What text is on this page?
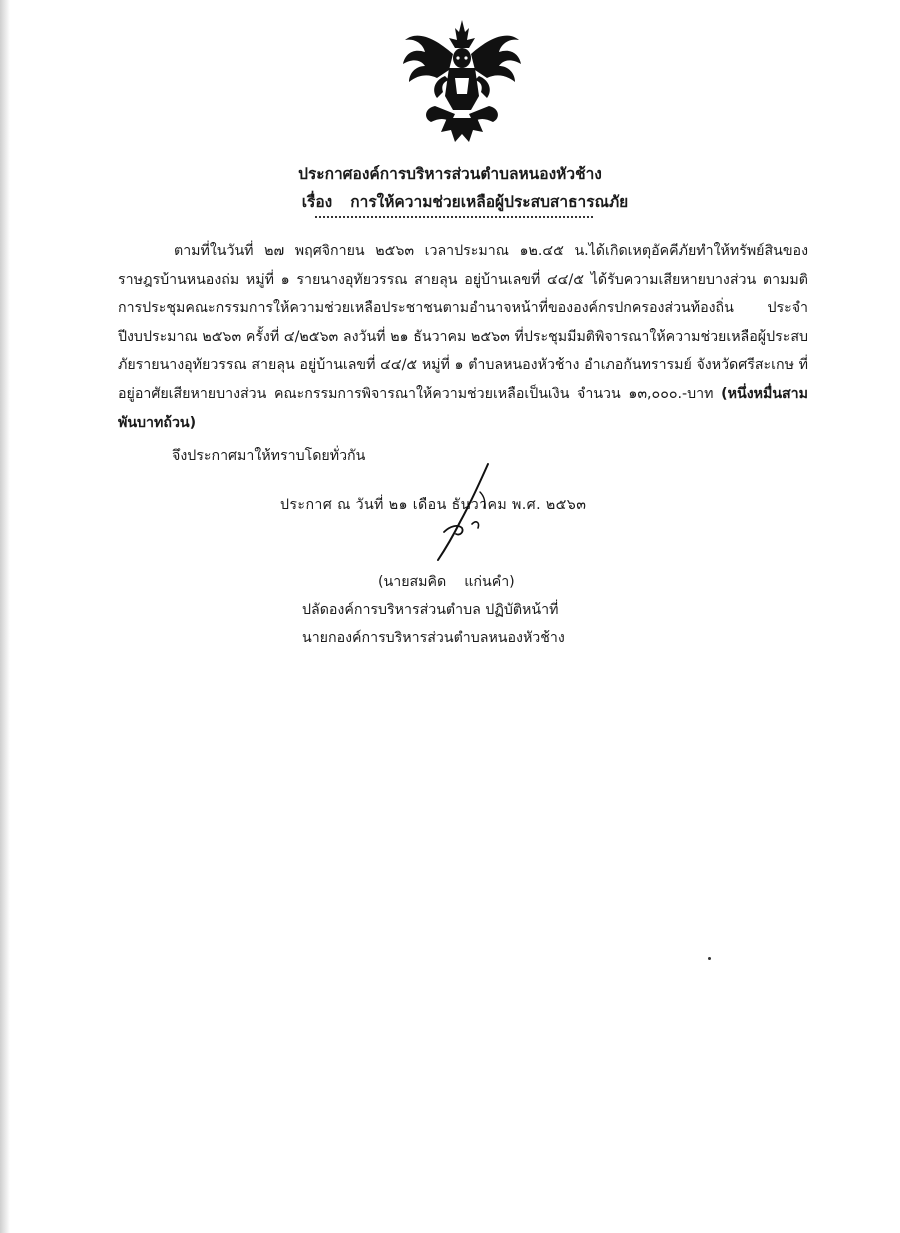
ประกาศองค์การบริหารส่วนตำบลหนองหัวช้าง
เรื่อง การให้ความช่วยเหลือผู้ประสบสาธารณภัย

ตามที่ในวันที่ ๒๗ พฤศจิกายน ๒๕๖๓ เวลาประมาณ ๑๒.๔๕ น.ได้เกิดเหตุอัคคีภัยทำให้ทรัพย์สินของราษฎรบ้านหนองถ่ม หมู่ที่ ๑ รายนางอุทัยวรรณ สายลุน อยู่บ้านเลขที่ ๔๔/๕ ได้รับความเสียหายบางส่วน ตามมติการประชุมคณะกรรมการให้ความช่วยเหลือประชาชนตามอำนาจหน้าที่ขององค์กรปกครองส่วนท้องถิ่น ประจำปีงบประมาณ ๒๕๖๓ ครั้งที่ ๔/๒๕๖๓ ลงวันที่ ๒๑ ธันวาคม ๒๕๖๓ ที่ประชุมมีมติพิจารณาให้ความช่วยเหลือผู้ประสบภัยรายนางอุทัยวรรณ สายลุน อยู่บ้านเลขที่ ๔๔/๕ หมู่ที่ ๑ ตำบลหนองหัวช้าง อำเภอกันทรารมย์ จังหวัดศรีสะเกษ ที่อยู่อาศัยเสียหายบางส่วน คณะกรรมการพิจารณาให้ความช่วยเหลือเป็นเงิน จำนวน ๑๓,๐๐๐.-บาท (หนึ่งหมื่นสามพันบาทถ้วน)

จึงประกาศมาให้ทราบโดยทั่วกัน
ประกาศ ณ วันที่ ๒๑ เดือน ธันวาคม พ.ศ. ๒๕๖๓
(นายสมคิด    แก่นคำ)
ปลัดองค์การบริหารส่วนตำบล ปฏิบัติหน้าที่
นายกองค์การบริหารส่วนตำบลหนองหัวช้าง
